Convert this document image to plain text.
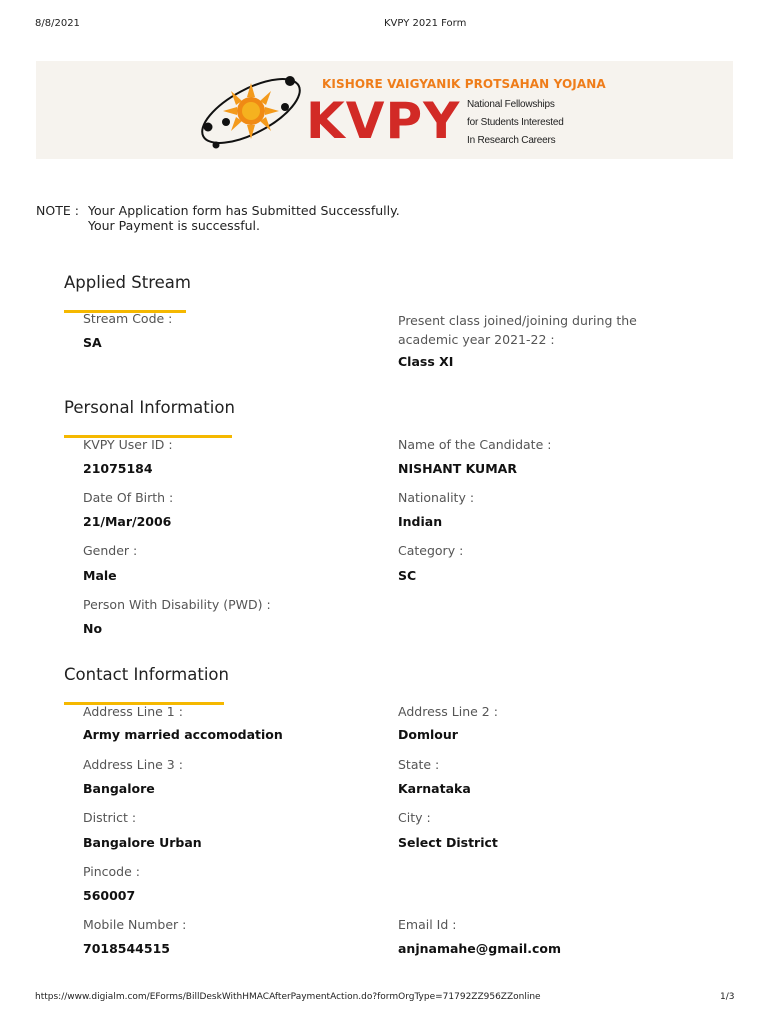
8/8/2021	KVPY 2021 Form
KISHORE VAIGYANIK PROTSAHAN YOJANA
KVPY National Fellowships
for Students Interested
In Research Careers
NOTE : Your Application form has Submitted Successfully.
Your Payment is successful.
Applied Stream
Stream Code :
SA
Present class joined/joining during the academic year 2021-22 :
Class XI
Personal Information
KVPY User ID :
21075184
Name of the Candidate :
NISHANT KUMAR
Date Of Birth :
21/Mar/2006
Nationality :
Indian
Gender :
Male
Category :
SC
Person With Disability (PWD) :
No
Contact Information
Address Line 1 :
Army married accomodation
Address Line 2 :
Domlour
Address Line 3 :
Bangalore
State :
Karnataka
District :
Bangalore Urban
City :
Select District
Pincode :
560007
Mobile Number :
7018544515
Email Id :
anjnamahe@gmail.com
https://www.digialm.com/EForms/BillDeskWithHMACAfterPaymentAction.do?formOrgType=71792ZZ956ZZonline	1/3
